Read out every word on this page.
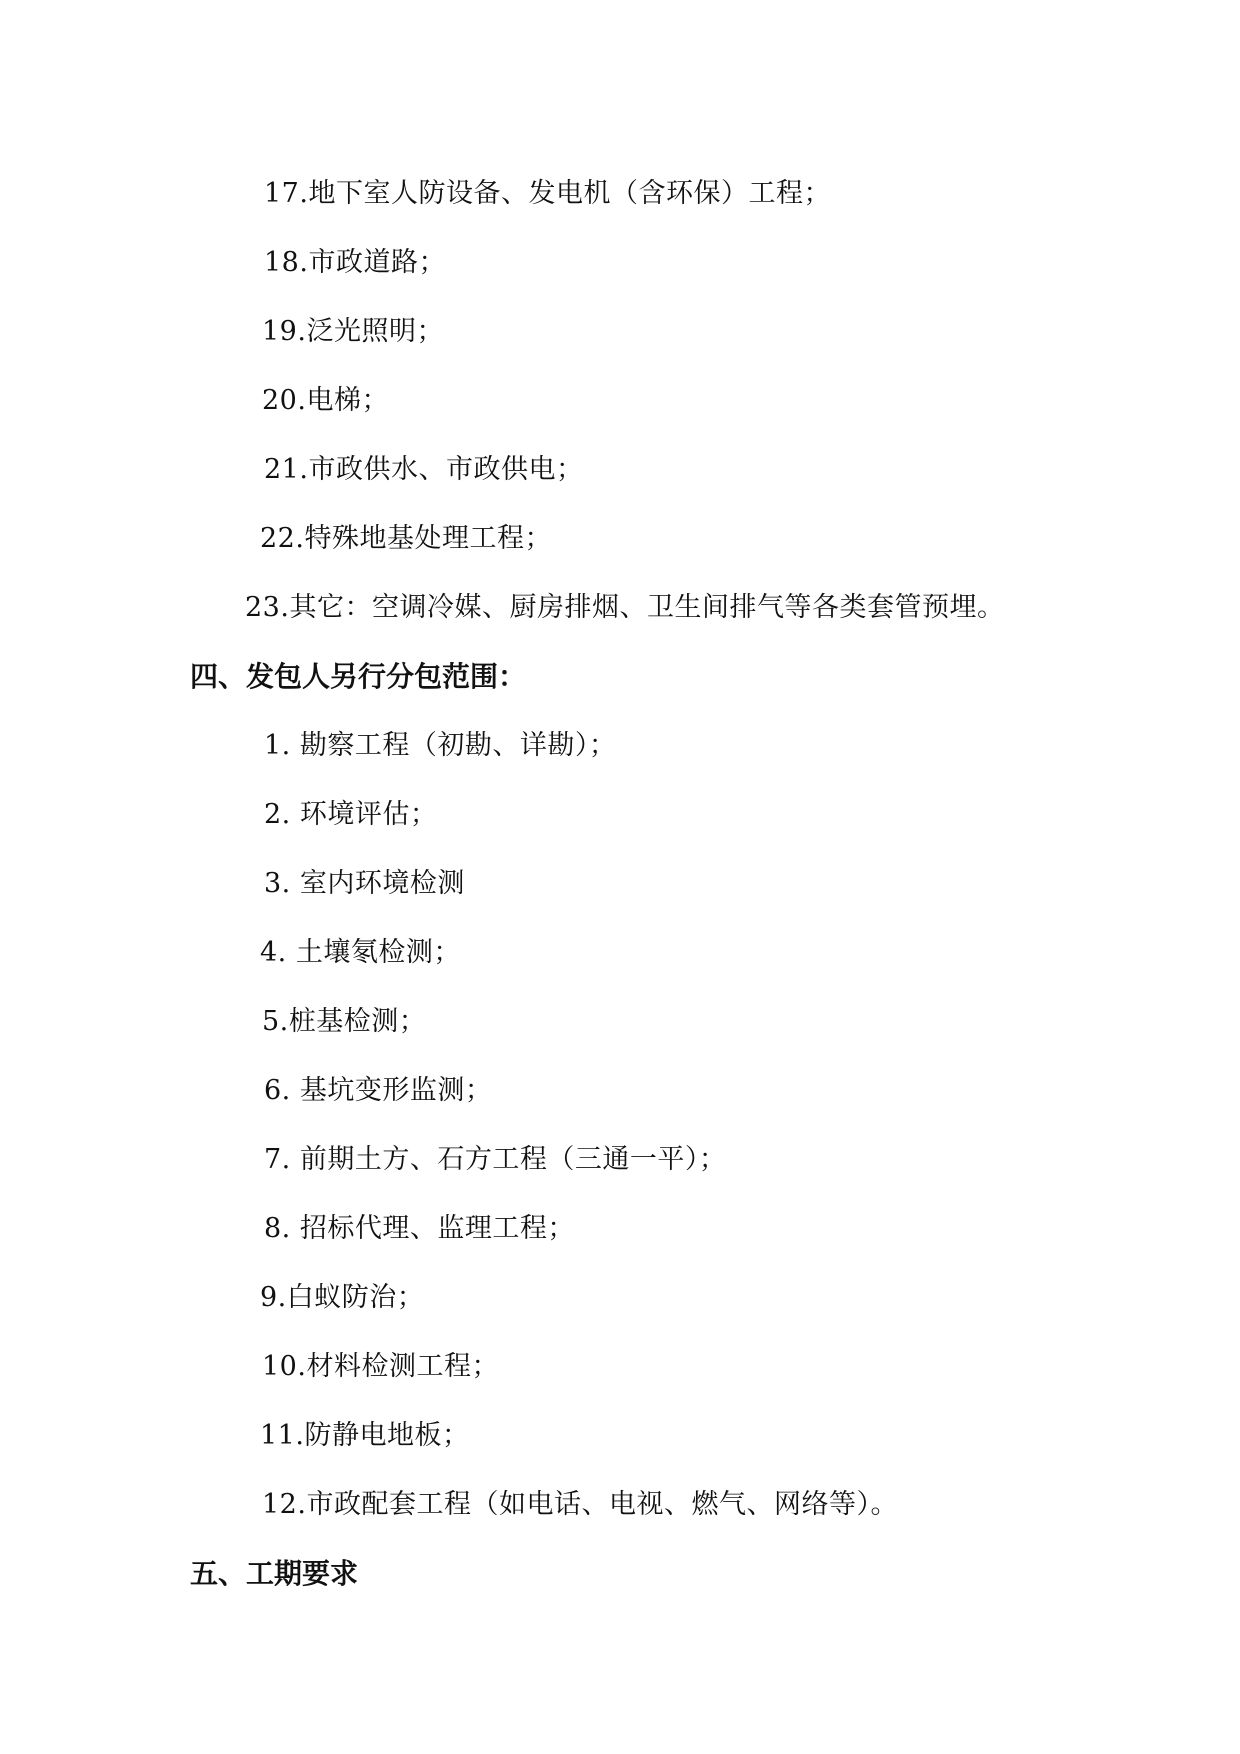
17.地下室人防设备、发电机（含环保）工程；
18.市政道路；
19.泛光照明；
20.电梯；
21.市政供水、市政供电；
22.特殊地基处理工程；
23.其它：空调冷媒、厨房排烟、卫生间排气等各类套管预埋。
四、发包人另行分包范围：
1. 勘察工程（初勘、详勘）；
2. 环境评估；
3. 室内环境检测
4. 土壤氡检测；
5.桩基检测；
6. 基坑变形监测；
7. 前期土方、石方工程（三通一平）；
8. 招标代理、监理工程；
9.白蚁防治；
10.材料检测工程；
11.防静电地板；
12.市政配套工程（如电话、电视、燃气、网络等）。
五、工期要求
